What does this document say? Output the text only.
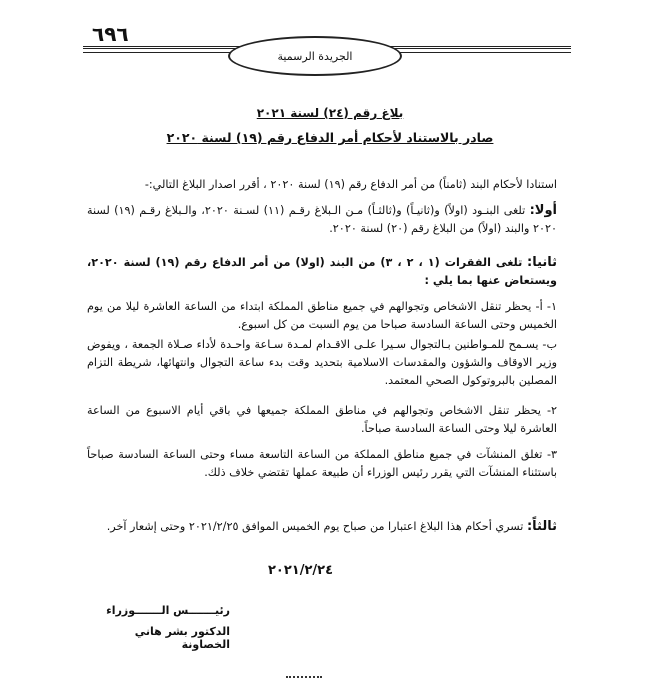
٦٩٦
الجريدة الرسمية
بلاغ رقم (٢٤) لسنة ٢٠٢١
صادر بالاستناد لأحكام أمر الدفاع رقم (١٩) لسنة ٢٠٢٠
استنادا لأحكام البند (ثامناً) من أمر الدفاع رقم (١٩) لسنة ٢٠٢٠ ، أقرر اصدار البلاغ التالي:-
أولا: تلغى البنـود (اولاً) و(ثانيـاً) و(ثالثـاً) مـن الـبلاغ رقـم (١١) لسـنة ٢٠٢٠، والـبلاغ رقـم (١٩) لسنة ٢٠٢٠ والبند (اولاً) من البلاغ رقم (٢٠) لسنة ٢٠٢٠.
ثانيا: تلغى الفقرات (١ ، ٢ ، ٣) من البند (اولا) من أمر الدفاع رقم (١٩) لسنة ٢٠٢٠، ويستعاض عنها بما يلي :
١- أ- يحظر تنقل الاشخاص وتجوالهم في جميع مناطق المملكة ابتداء من الساعة العاشرة ليلا من يوم الخميس وحتى الساعة السادسة صباحا من يوم السبت من كل اسبوع.
ب- يسـمح للمـواطنين بـالتجوال سـيرا علـى الاقـدام لمـدة سـاعة واحـدة لأداء صـلاة الجمعة ، ويفوض وزير الاوقاف والشؤون والمقدسات الاسلامية بتحديد وقت بدء ساعة التجوال وانتهائها، شريطة التزام المصلين بالبروتوكول الصحي المعتمد.
٢- يحظر تنقل الاشخاص وتجوالهم في مناطق المملكة جميعها في باقي أيام الاسبوع من الساعة العاشرة ليلا وحتى الساعة السادسة صباحاً.
٣- تغلق المنشآت في جميع مناطق المملكة من الساعة التاسعة مساء وحتى الساعة السادسة صباحاً باستثناء المنشآت التي يقرر رئيس الوزراء أن طبيعة عملها تقتضي خلاف ذلك.
ثالثاً: تسري أحكام هذا البلاغ اعتبارا من صباح يوم الخميس الموافق ٢٠٢١/٢/٢٥ وحتى إشعار آخر.
٢٠٢١/٢/٢٤
رئيـــــــس الـــــــوزراء
الدكتور بشر هاني الخصاونة
